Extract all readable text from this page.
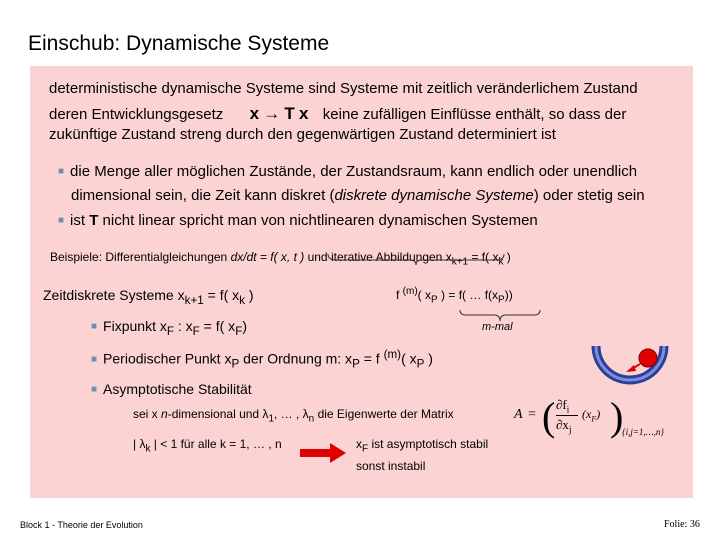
Einschub: Dynamische Systeme
deterministische dynamische Systeme sind Systeme mit zeitlich veränderlichem Zustand
deren Entwicklungsgesetz x → T x keine zufälligen Einflüsse enthält, so dass der
zukünftige Zustand streng durch den gegenwärtigen Zustand determiniert ist
■ die Menge aller möglichen Zustände, der Zustandsraum, kann endlich oder unendlich
dimensional sein, die Zeit kann diskret (diskrete dynamische Systeme) oder stetig sein
■ ist T nicht linear spricht man von nichtlinearen dynamischen Systemen
Beispiele: Differentialgleichungen dx/dt = f( x, t ) und iterative Abbildungen $x_{k+1} = f$( $x_k$ )
Zeitdiskrete Systeme $x_{k+1} = f$( $x_k$ )	f $^{(m)}$( $x_P$ ) = f( … $f(x_P)$)
m-mal
■ Fixpunkt $x_F$ : $x_F = f$( $x_F$)
■ Periodischer Punkt $x_P$ der Ordnung m: $x_P = f$ $^{(m)}$( $x_P$ )
■ Asymptotische Stabilität
sei x n-dimensional und $\lambda_1$, … , $\lambda_n$ die Eigenwerte der Matrix	A = ( $\partial f_i$
$\partial x_j$
$(x_F)$ )
{i,j=1,…,n}
| $\lambda_k$ | < 1 für alle k = 1, … , n	$x_F$ ist asymptotisch stabil
sonst instabil
Block 1 - Theorie der Evolution	Folie: 36
